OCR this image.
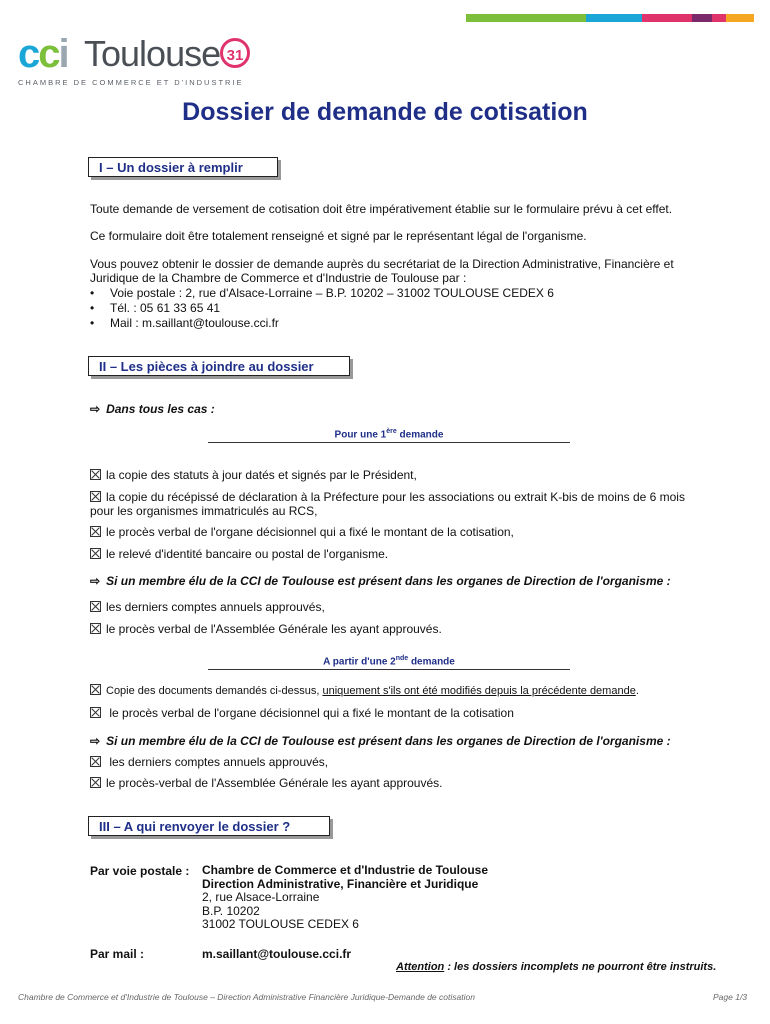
cci Toulouse 31
CHAMBRE DE COMMERCE ET D'INDUSTRIE
Dossier de demande de cotisation
I – Un dossier à remplir
Toute demande de versement de cotisation doit être impérativement établie sur le formulaire prévu à cet effet.
Ce formulaire doit être totalement renseigné et signé par le représentant légal de l'organisme.
Vous pouvez obtenir le dossier de demande auprès du secrétariat de la Direction Administrative, Financière et
Juridique de la Chambre de Commerce et d'Industrie de Toulouse par :
• Voie postale : 2, rue d'Alsace-Lorraine – B.P. 10202 – 31002 TOULOUSE CEDEX 6
• Tél. : 05 61 33 65 41
• Mail : m.saillant@toulouse.cci.fr
II – Les pièces à joindre au dossier
⇨ Dans tous les cas :
Pour une 1ère demande
la copie des statuts à jour datés et signés par le Président,
la copie du récépissé de déclaration à la Préfecture pour les associations ou extrait K-bis de moins de 6 mois
pour les organismes immatriculés au RCS,
le procès verbal de l'organe décisionnel qui a fixé le montant de la cotisation,
le relevé d'identité bancaire ou postal de l'organisme.
⇨ Si un membre élu de la CCI de Toulouse est présent dans les organes de Direction de l'organisme :
les derniers comptes annuels approuvés,
le procès verbal de l'Assemblée Générale les ayant approuvés.
A partir d'une 2nde demande
Copie des documents demandés ci-dessus, uniquement s'ils ont été modifiés depuis la précédente demande.
le procès verbal de l'organe décisionnel qui a fixé le montant de la cotisation
⇨ Si un membre élu de la CCI de Toulouse est présent dans les organes de Direction de l'organisme :
les derniers comptes annuels approuvés,
le procès-verbal de l'Assemblée Générale les ayant approuvés.
III – A qui renvoyer le dossier ?
Par voie postale : Chambre de Commerce et d'Industrie de Toulouse
Direction Administrative, Financière et Juridique
2, rue Alsace-Lorraine
B.P. 10202
31002 TOULOUSE CEDEX 6
Par mail :	m.saillant@toulouse.cci.fr
Attention : les dossiers incomplets ne pourront être instruits.
Chambre de Commerce et d'Industrie de Toulouse – Direction Administrative Financière Juridique-Demande de cotisation	Page 1/3
